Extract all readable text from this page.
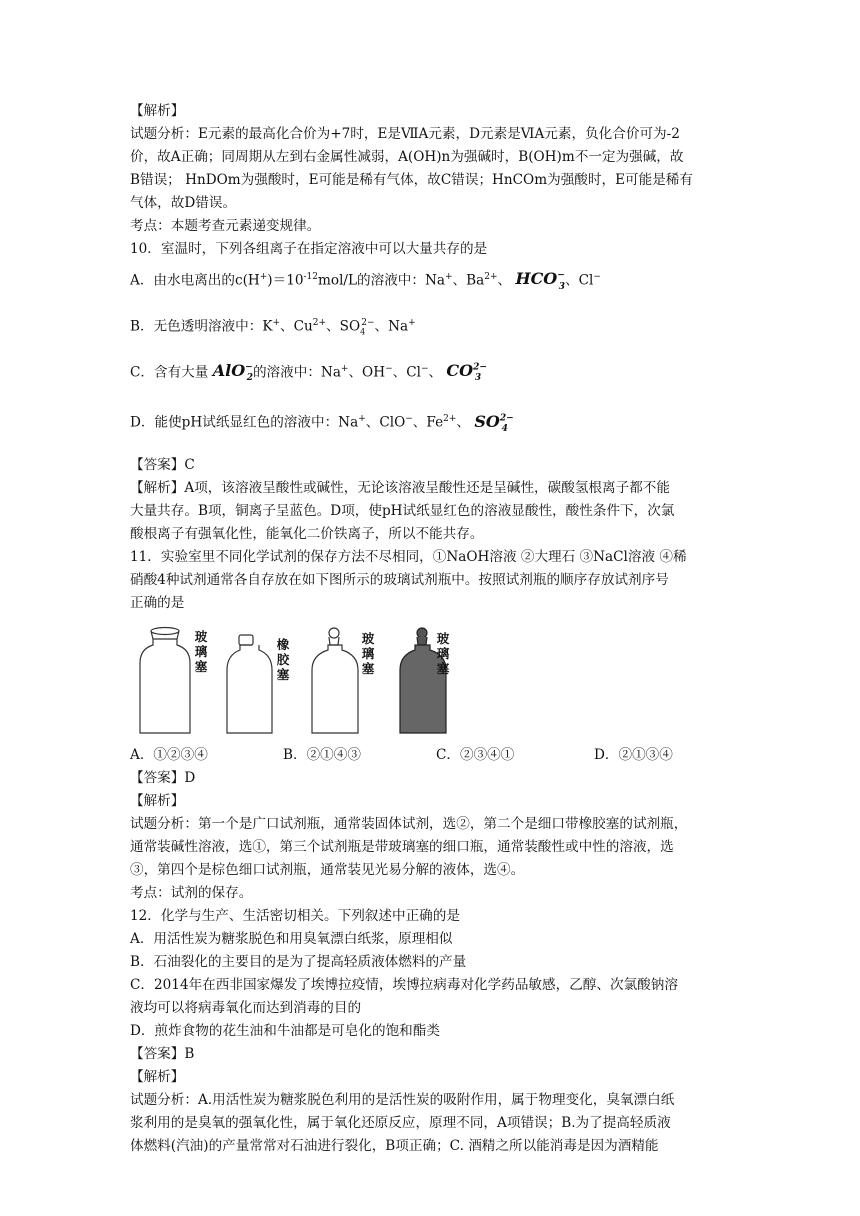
【解析】

试题分析：E元素的最高化合价为+7时，E是ⅦA元素，D元素是ⅥA元素，负化合价可为-2

价，故A正确；同周期从左到右金属性减弱，A(OH)n为强碱时，B(OH)m不一定为强碱，故

B错误； HnDOm为强酸时，E可能是稀有气体，故C错误；HnCOm为强酸时，E可能是稀有

气体，故D错误。

考点：本题考查元素递变规律。

10．室温时，下列各组离子在指定溶液中可以大量共存的是

A．由水电离出的$c(H^+)=10^{-12}mol/L$的溶液中：Na+、$Ba^{2+}$、 $HCO^-_3$、Cl−

B．无色透明溶液中：K+、$Cu^{2+}$、$SO_4^{2-}$、Na+

C．含有大量 AlO−$_2$的溶液中：Na+、OH−、Cl−、 $CO^{2-}_3$

D．能使pH试纸显红色的溶液中：Na+、ClO−、$Fe^{2+}$、 $SO^{2-}_4$

【答案】C

【解析】A项，该溶液呈酸性或碱性，无论该溶液呈酸性还是呈碱性，碳酸氢根离子都不能

大量共存。B项，铜离子呈蓝色。D项，使pH试纸显红色的溶液显酸性，酸性条件下，次氯

酸根离子有强氧化性，能氧化二价铁离子，所以不能共存。

11．实验室里不同化学试剂的保存方法不尽相同，①NaOH溶液 ②大理石 ③NaCl溶液 ④稀

硝酸4种试剂通常各自存放在如下图所示的玻璃试剂瓶中。按照试剂瓶的顺序存放试剂序号

正确的是

玻
璃
塞
橡
胶
塞
玻
璃
塞
玻
璃
塞
A．①②③④	B．②①④③	C．②③④①	D．②①③④

【答案】D

【解析】

试题分析：第一个是广口试剂瓶，通常装固体试剂，选②，第二个是细口带橡胶塞的试剂瓶，

通常装碱性溶液，选①，第三个试剂瓶是带玻璃塞的细口瓶，通常装酸性或中性的溶液，选

③，第四个是棕色细口试剂瓶，通常装见光易分解的液体，选④。

考点：试剂的保存。

12．化学与生产、生活密切相关。下列叙述中正确的是

A．用活性炭为糖浆脱色和用臭氧漂白纸浆，原理相似

B．石油裂化的主要目的是为了提高轻质液体燃料的产量

C．2014年在西非国家爆发了埃博拉疫情，埃博拉病毒对化学药品敏感，乙醇、次氯酸钠溶

液均可以将病毒氧化而达到消毒的目的

D．煎炸食物的花生油和牛油都是可皂化的饱和酯类

【答案】B

【解析】

试题分析：A.用活性炭为糖浆脱色利用的是活性炭的吸附作用，属于物理变化，臭氧漂白纸

浆利用的是臭氧的强氧化性，属于氧化还原反应，原理不同，A项错误；B.为了提高轻质液

体燃料(汽油)的产量常常对石油进行裂化，B项正确；C. 酒精之所以能消毒是因为酒精能
